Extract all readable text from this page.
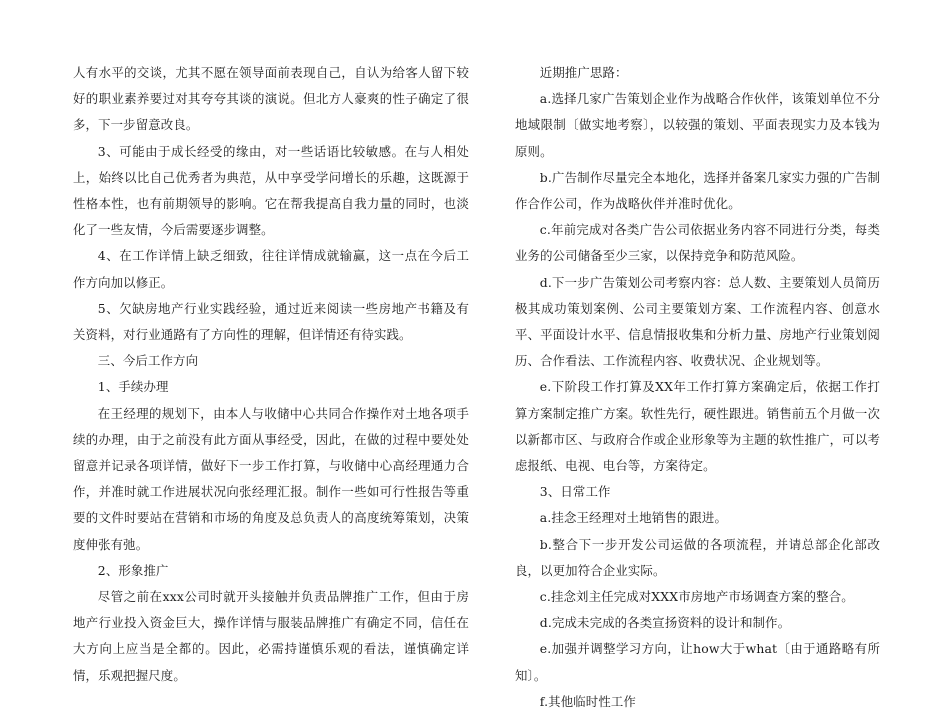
人有水平的交谈，尤其不愿在领导面前表现自己，自认为给客人留下较好的职业素养要过对其夸夸其谈的演说。但北方人豪爽的性子确定了很多，下一步留意改良。

3、可能由于成长经受的缘由，对一些话语比较敏感。在与人相处上，始终以比自己优秀者为典范，从中享受学问增长的乐趣，这既源于性格本性，也有前期领导的影响。它在帮我提高自我力量的同时，也淡化了一些友情，今后需要逐步调整。

4、在工作详情上缺乏细致，往往详情成就输赢，这一点在今后工作方向加以修正。

5、欠缺房地产行业实践经验，通过近来阅读一些房地产书籍及有关资料，对行业通路有了方向性的理解，但详情还有待实践。

三、今后工作方向

1、手续办理

在王经理的规划下，由本人与收储中心共同合作操作对土地各项手续的办理，由于之前没有此方面从事经受，因此，在做的过程中要处处留意并记录各项详情，做好下一步工作打算，与收储中心高经理通力合作，并准时就工作进展状况向张经理汇报。制作一些如可行性报告等重要的文件时要站在营销和市场的角度及总负责人的高度统筹策划，决策度伸张有弛。

2、形象推广

尽管之前在xxx公司时就开头接触并负责品牌推广工作，但由于房地产行业投入资金巨大，操作详情与服装品牌推广有确定不同，信任在大方向上应当是全都的。因此，必需持谨慎乐观的看法，谨慎确定详情，乐观把握尺度。

近期推广思路：

a.选择几家广告策划企业作为战略合作伙伴，该策划单位不分地域限制〔做实地考察〕，以较强的策划、平面表现实力及本钱为原则。

b.广告制作尽量完全本地化，选择并备案几家实力强的广告制作合作公司，作为战略伙伴并准时优化。

c.年前完成对各类广告公司依据业务内容不同进行分类，每类业务的公司储备至少三家，以保持竞争和防范风险。

d.下一步广告策划公司考察内容：总人数、主要策划人员简历极其成功策划案例、公司主要策划方案、工作流程内容、创意水平、平面设计水平、信息情报收集和分析力量、房地产行业策划阅历、合作看法、工作流程内容、收费状况、企业规划等。

e.下阶段工作打算及XX年工作打算方案确定后，依据工作打算方案制定推广方案。软性先行，硬性跟进。销售前五个月做一次以新都市区、与政府合作或企业形象等为主题的软性推广，可以考虑报纸、电视、电台等，方案待定。

3、日常工作

a.挂念王经理对土地销售的跟进。

b.整合下一步开发公司运做的各项流程，并请总部企化部改良，以更加符合企业实际。

c.挂念刘主任完成对XXX市房地产市场调查方案的整合。

d.完成未完成的各类宣扬资料的设计和制作。

e.加强并调整学习方向，让how大于what〔由于通路略有所知〕。

f.其他临时性工作
